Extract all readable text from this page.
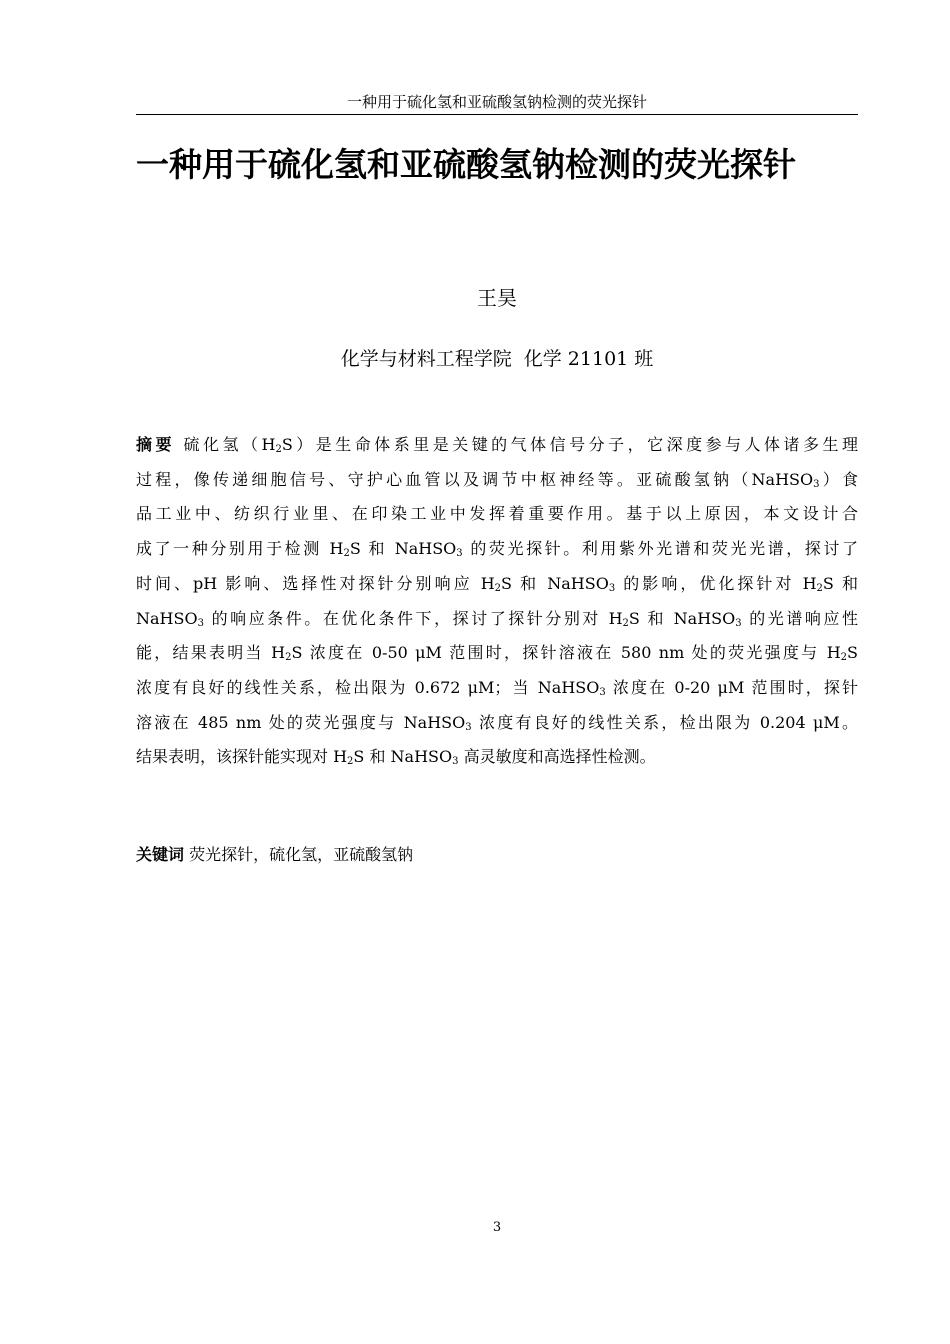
一种用于硫化氢和亚硫酸氢钠检测的荧光探针
一种用于硫化氢和亚硫酸氢钠检测的荧光探针
王昊
化学与材料工程学院  化学 21101 班
摘要 硫化氢$(H_2S)$是生命体系里是关键的气体信号分子，它深度参与人体诸多生理
过程，像传递细胞信号、守护心血管以及调节中枢神经等。亚硫酸氢钠（NaHSO$_3$）食
品工业中、纺织行业里、在印染工业中发挥着重要作用。基于以上原因，本文设计合
成了一种分别用于检测 $H_2S$ 和 NaHSO$_3$ 的荧光探针。利用紫外光谱和荧光光谱，探讨了
时间、pH 影响、选择性对探针分别响应 $H_2S$ 和 NaHSO$_3$ 的影响，优化探针对 $H_2S$ 和
NaHSO$_3$ 的响应条件。在优化条件下，探讨了探针分别对 $H_2S$ 和 NaHSO$_3$ 的光谱响应性
能，结果表明当 $H_2S$ 浓度在 0-50 μM 范围时，探针溶液在 580 nm 处的荧光强度与 $H_2S$
浓度有良好的线性关系，检出限为 0.672 μM；当 NaHSO$_3$ 浓度在 0-20 μM 范围时，探针
溶液在 485 nm 处的荧光强度与 NaHSO$_3$ 浓度有良好的线性关系，检出限为 0.204 μM。
结果表明，该探针能实现对 $H_2S$ 和 NaHSO$_3$ 高灵敏度和高选择性检测。
关键词 荧光探针，硫化氢，亚硫酸氢钠
3
